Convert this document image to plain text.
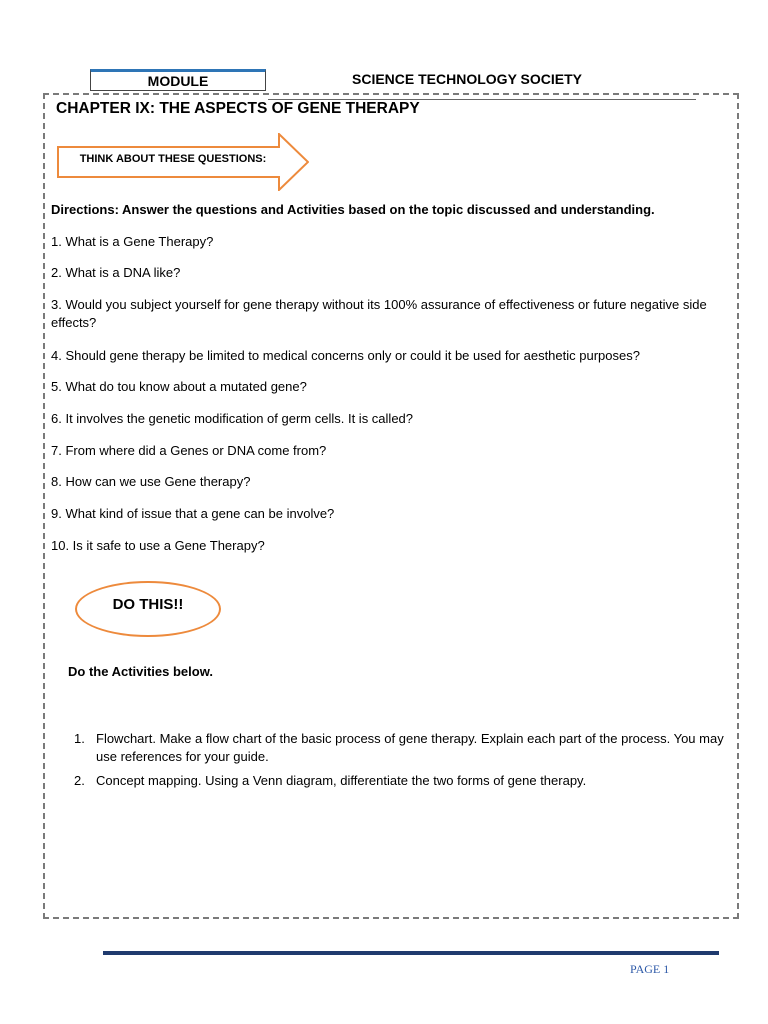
MODULE	SCIENCE TECHNOLOGY SOCIETY
CHAPTER IX: THE ASPECTS OF GENE THERAPY
THINK ABOUT THESE QUESTIONS:
Directions: Answer the questions and Activities based on the topic discussed and understanding.
1. What is a Gene Therapy?
2. What is a DNA like?
3. Would you subject yourself for gene therapy without its 100% assurance of effectiveness or future negative side effects?
4. Should gene therapy be limited to medical concerns only or could it be used for aesthetic purposes?
5. What do tou know about a mutated gene?
6. It involves the genetic modification of germ cells. It is called?
7. From where did a Genes or DNA come from?
8. How can we use Gene therapy?
9. What kind of issue that a gene can be involve?
10. Is it safe to use a Gene Therapy?
DO THIS!!
Do the Activities below.
1. Flowchart. Make a flow chart of the basic process of gene therapy. Explain each part of the process. You may use references for your guide.
2. Concept mapping. Using a Venn diagram, differentiate the two forms of gene therapy.
PAGE 1
